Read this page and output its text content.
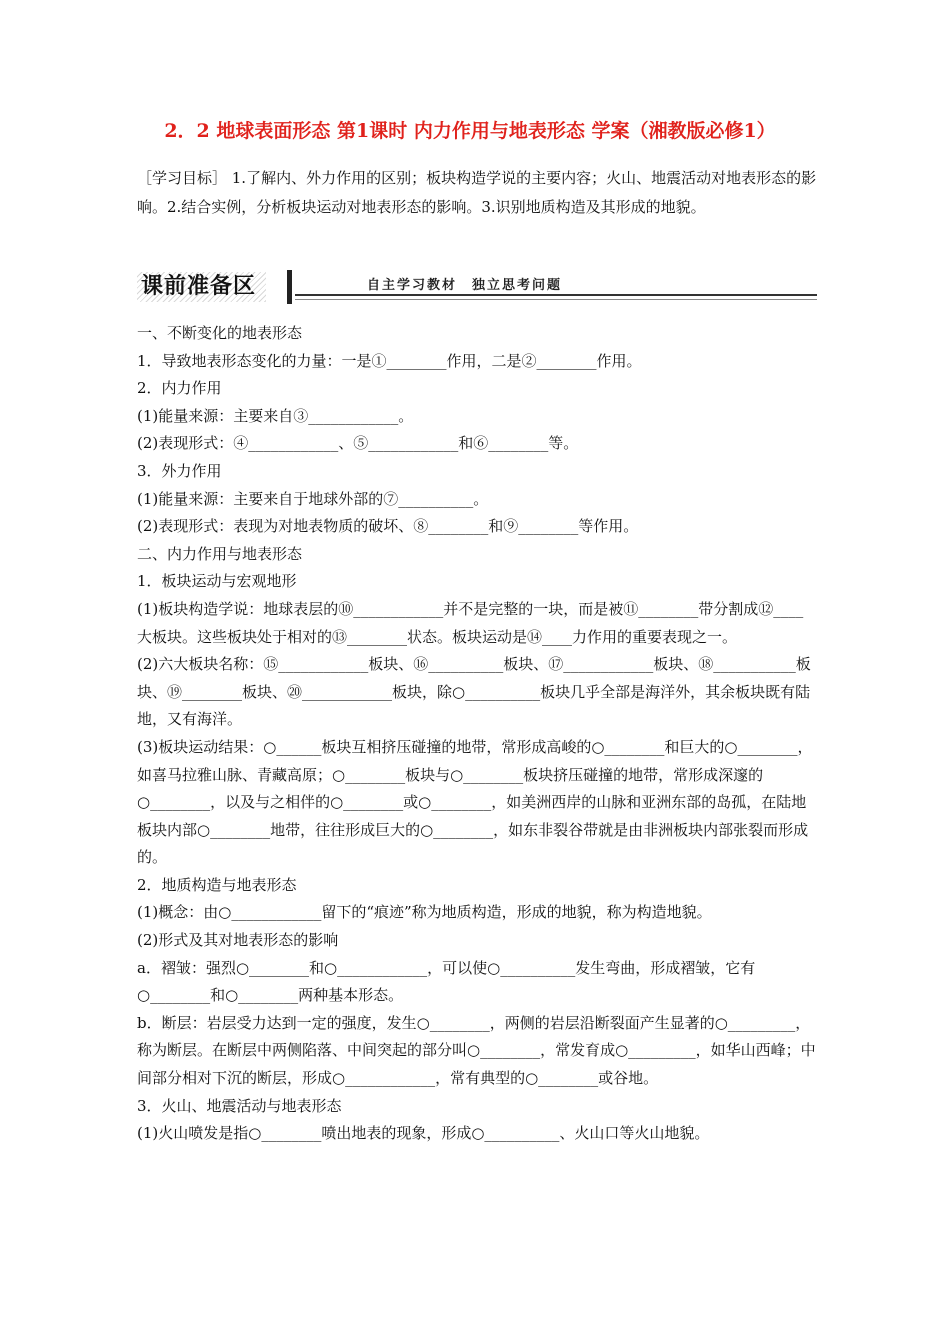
2．2 地球表面形态 第1课时 内力作用与地表形态 学案（湘教版必修1）
［学习目标］ 1.了解内、外力作用的区别；板块构造学说的主要内容；火山、地震活动对地表形态的影响。2.结合实例，分析板块运动对地表形态的影响。3.识别地质构造及其形成的地貌。
课前准备区	自主学习教材　独立思考问题

一、不断变化的地表形态

1．导致地表形态变化的力量：一是①________作用，二是②________作用。

2．内力作用

(1)能量来源：主要来自③____________。

(2)表现形式：④____________、⑤____________和⑥________等。

3．外力作用

(1)能量来源：主要来自于地球外部的⑦__________。

(2)表现形式：表现为对地表物质的破坏、⑧________和⑨________等作用。

二、内力作用与地表形态

1．板块运动与宏观地形

(1)板块构造学说：地球表层的⑩____________并不是完整的一块，而是被⑪________带分割成⑫____大板块。这些板块处于相对的⑬________状态。板块运动是⑭____力作用的重要表现之一。

(2)六大板块名称：⑮____________板块、⑯__________板块、⑰____________板块、⑱___________板块、⑲________板块、⑳____________板块，除○__________板块几乎全部是海洋外，其余板块既有陆地，又有海洋。

(3)板块运动结果：○______板块互相挤压碰撞的地带，常形成高峻的○________和巨大的○________，如喜马拉雅山脉、青藏高原；○________板块与○________板块挤压碰撞的地带，常形成深邃的○________，以及与之相伴的○________或○________，如美洲西岸的山脉和亚洲东部的岛孤，在陆地板块内部○________地带，往往形成巨大的○________，如东非裂谷带就是由非洲板块内部张裂而形成的。

2．地质构造与地表形态

(1)概念：由○____________留下的“痕迹”称为地质构造，形成的地貌，称为构造地貌。

(2)形式及其对地表形态的影响

a．褶皱：强烈○________和○____________，可以使○__________发生弯曲，形成褶皱，它有○________和○________两种基本形态。

b．断层：岩层受力达到一定的强度，发生○________，两侧的岩层沿断裂面产生显著的○_________，称为断层。在断层中两侧陷落、中间突起的部分叫○________，常发育成○_________，如华山西峰；中间部分相对下沉的断层，形成○____________，常有典型的○________或谷地。

3．火山、地震活动与地表形态

(1)火山喷发是指○________喷出地表的现象，形成○__________、火山口等火山地貌。
